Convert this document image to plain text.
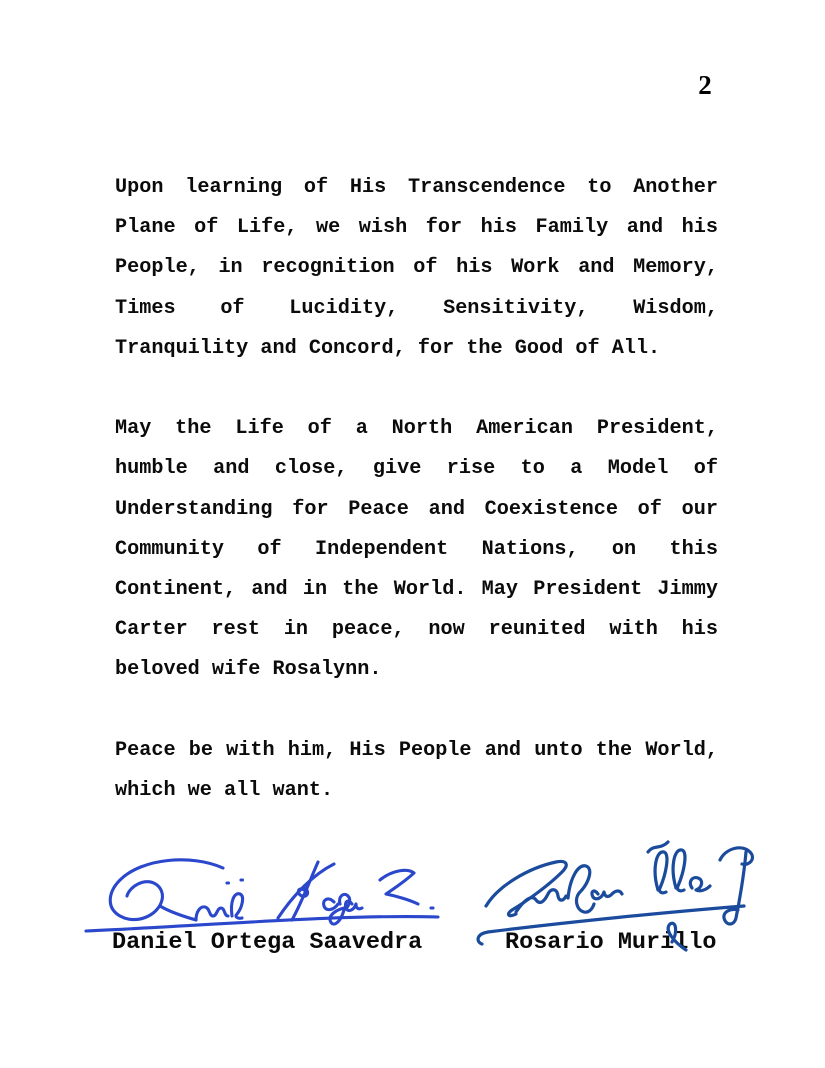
2
Upon learning of His Transcendence to Another
Plane of Life, we wish for his Family and his
People, in recognition of his Work and Memory,
Times of Lucidity, Sensitivity, Wisdom,
Tranquility and Concord, for the Good of All.
May the Life of a North American President,
humble and close, give rise to a Model of
Understanding for Peace and Coexistence of our
Community of Independent Nations, on this
Continent, and in the World. May President Jimmy
Carter rest in peace, now reunited with his
beloved wife Rosalynn.
Peace be with him, His People and unto the World,
which we all want.
Daniel Ortega Saavedra	Rosario Murillo
